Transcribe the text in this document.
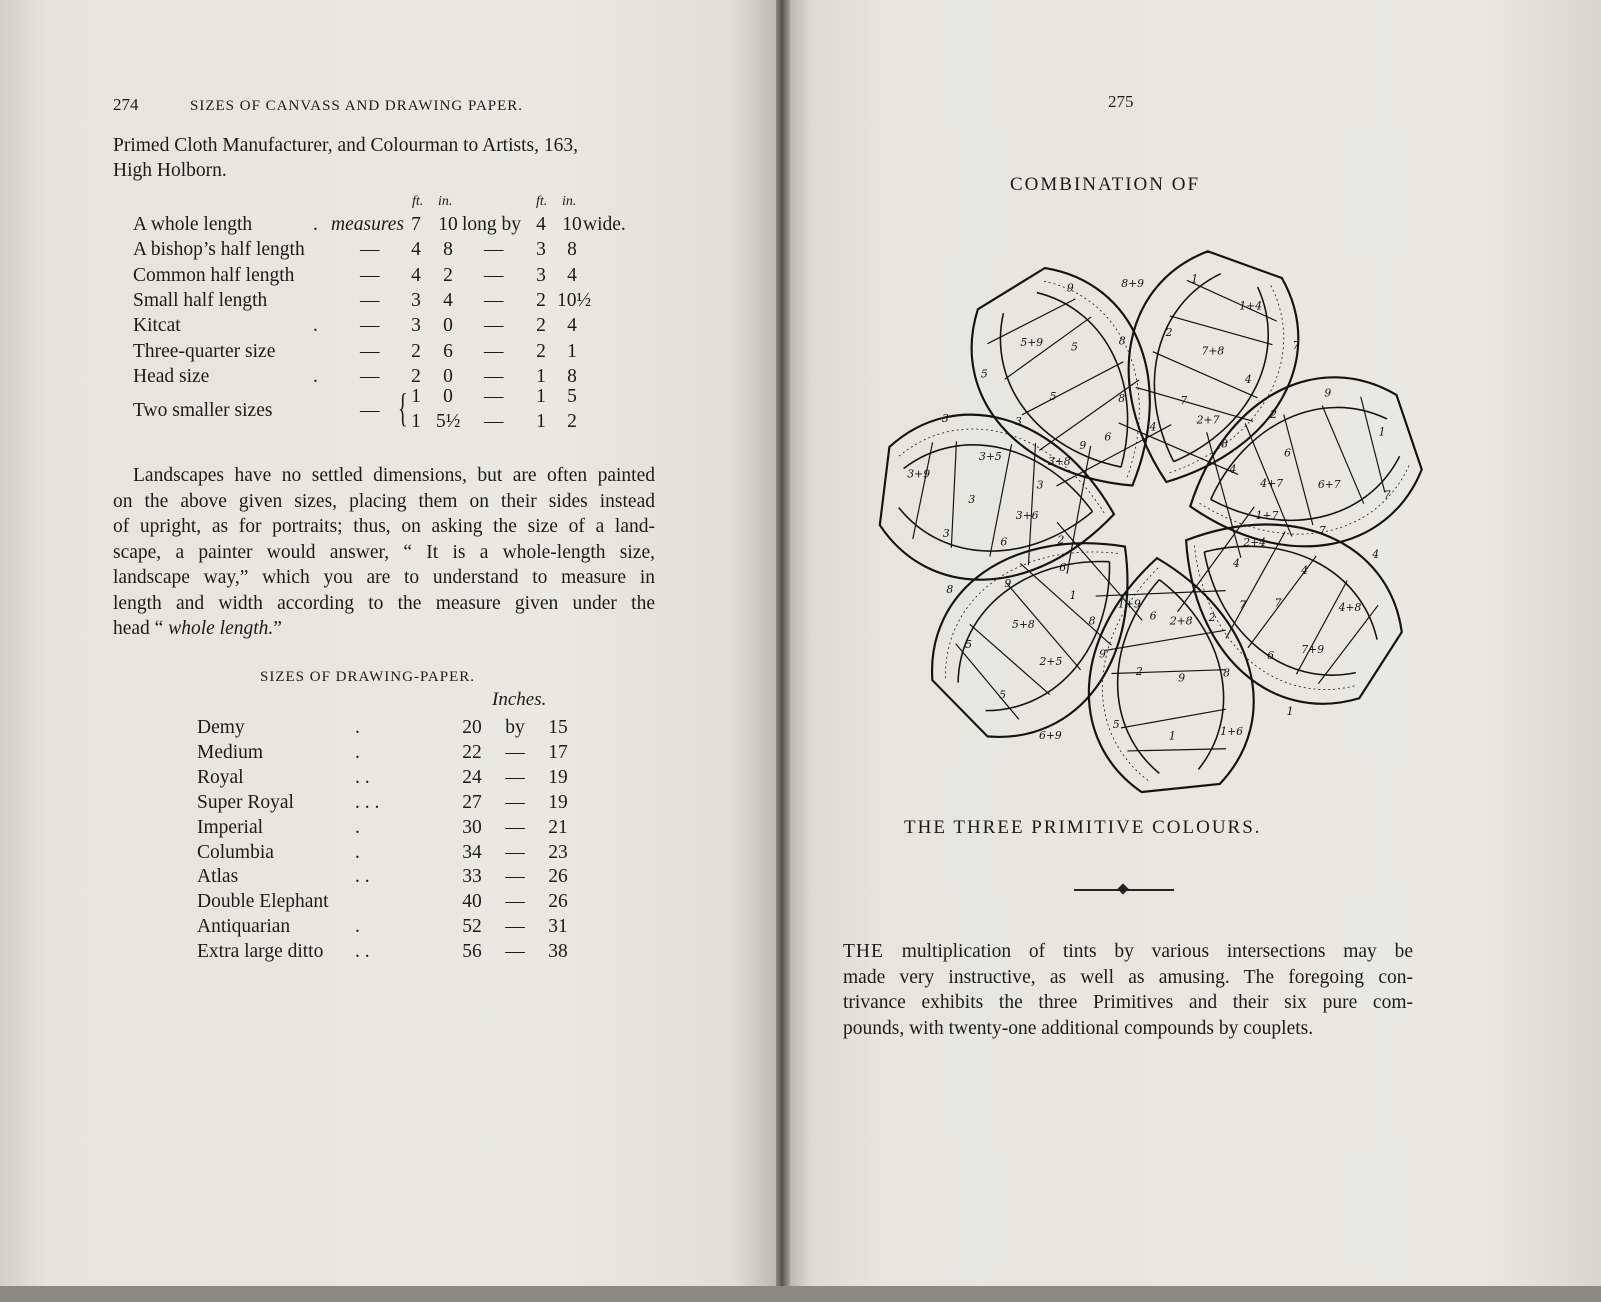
274	SIZES OF CANVASS AND DRAWING PAPER.
Primed Cloth Manufacturer, and Colourman to Artists, 163,
High Holborn.
ft. in.	ft. in.
A whole length	. measures 7 10 long by 4 10 wide.
A bishop’s half length	— 4	8	— 3	8
Common half length	— 4	2	— 3	4
Small half length	— 3	4	— 2 10½
Kitcat	. — 3	0	— 2	4
Three-quarter size	— 2	6	— 2	1
Head size	. — 2	0	— 1	8
Two smaller sizes	— { 1	0	— 1	5
1 5½ — 1	2
Landscapes have no settled dimensions, but are often painted
on the above given sizes, placing them on their sides instead
of upright, as for portraits; thus, on asking the size of a land-
scape, a painter would answer, “ It is a whole-length size,
landscape way,” which you are to understand to measure in
length and width according to the measure given under the
head “ whole length.”
SIZES OF DRAWING-PAPER.
Inches.
Demy	.	20	by	15
Medium	.	22	—	17
Royal	. .	24	—	19
Super Royal	. . .	27	—	19
Imperial	.	30	—	21
Columbia	.	34	—	23
Atlas	. .	33	—	26
Double Elephant	40	—	26
Antiquarian	.	52	—	31
Extra large ditto . .	56	—	38
275
COMBINATION OF
4
2
1
7
7+8
1+4
2+7
4
7
8
2
9
4
6
1
4+7	6+7
7
1+7
7
4
2+4
4
4+8
4
7
7+9
7
6
1
2
8
1+6
2+8
9
1
6
2
5
1+9
9
6+9
8
2+5
5
1
5+8
5
6
9
8
2
6
3
3+6
3
3+9
3
3+5
3
3+8
3
5
9
5
5+9
6
5
9
8
8
8+9
THE THREE PRIMITIVE COLOURS.
THE multiplication of tints by various intersections may be
made very instructive, as well as amusing. The foregoing con-
trivance exhibits the three Primitives and their six pure com-
pounds, with twenty-one additional compounds by couplets.
